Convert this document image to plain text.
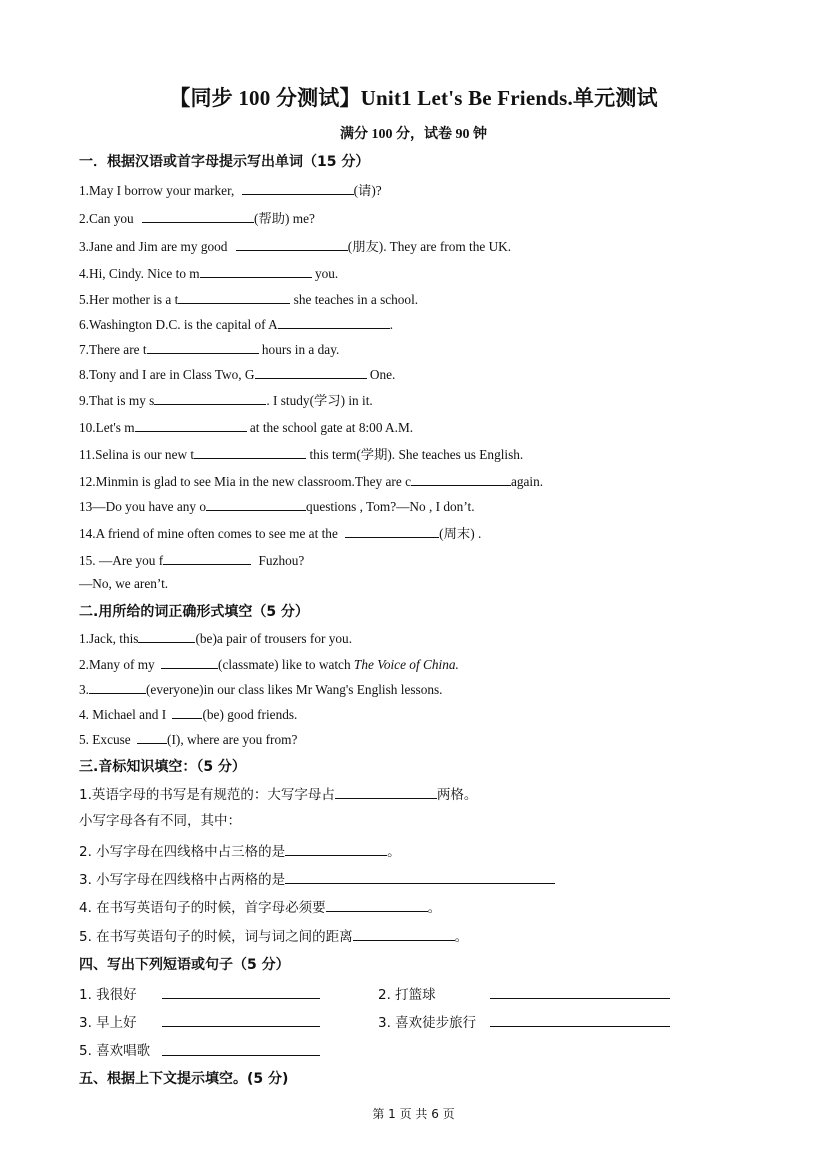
【同步 100 分测试】Unit1 Let's Be Friends.单元测试
满分 100 分，试卷 90 钟
一．根据汉语或首字母提示写出单词（15 分）
1.May I borrow your marker,	(请)?
2.Can you	(帮助) me?
3.Jane and Jim are my good	(朋友). They are from the UK.
4.Hi, Cindy. Nice to m	you.
5.Her mother is a t	she teaches in a school.
6.Washington D.C. is the capital of A	.
7.There are t	hours in a day.
8.Tony and I are in Class Two, G	One.
9.That is my s	. I study(学习) in it.
10.Let's m	at the school gate at 8:00 A.M.
11.Selina is our new t	this term(学期). She teaches us English.
12.Minmin is glad to see Mia in the new classroom.They are c	again.
13—Do you have any o	questions , Tom?—No , I don’t.
14.A friend of mine often comes to see me at the	(周末) .
15. —Are you f	Fuzhou?
—No, we aren’t.
二.用所给的词正确形式填空（5 分）
1.Jack, this	(be)a pair of trousers for you.
2.Many of my	(classmate) like to watch The Voice of China.
3.	(everyone)in our class likes Mr Wang's English lessons.
4. Michael and I	(be) good friends.
5. Excuse	(I), where are you from?
三.音标知识填空：（5 分）
1.英语字母的书写是有规范的：大写字母占	两格。
小写字母各有不同，其中：
2. 小写字母在四线格中占三格的是	。
3. 小写字母在四线格中占两格的是
4. 在书写英语句子的时候，首字母必须要	。
5. 在书写英语句子的时候，词与词之间的距离	。
四、写出下列短语或句子（5 分）
1. 我很好	2. 打篮球
3. 早上好	3. 喜欢徒步旅行
5. 喜欢唱歌
五、根据上下文提示填空。(5 分)
第 1 页 共 6 页
